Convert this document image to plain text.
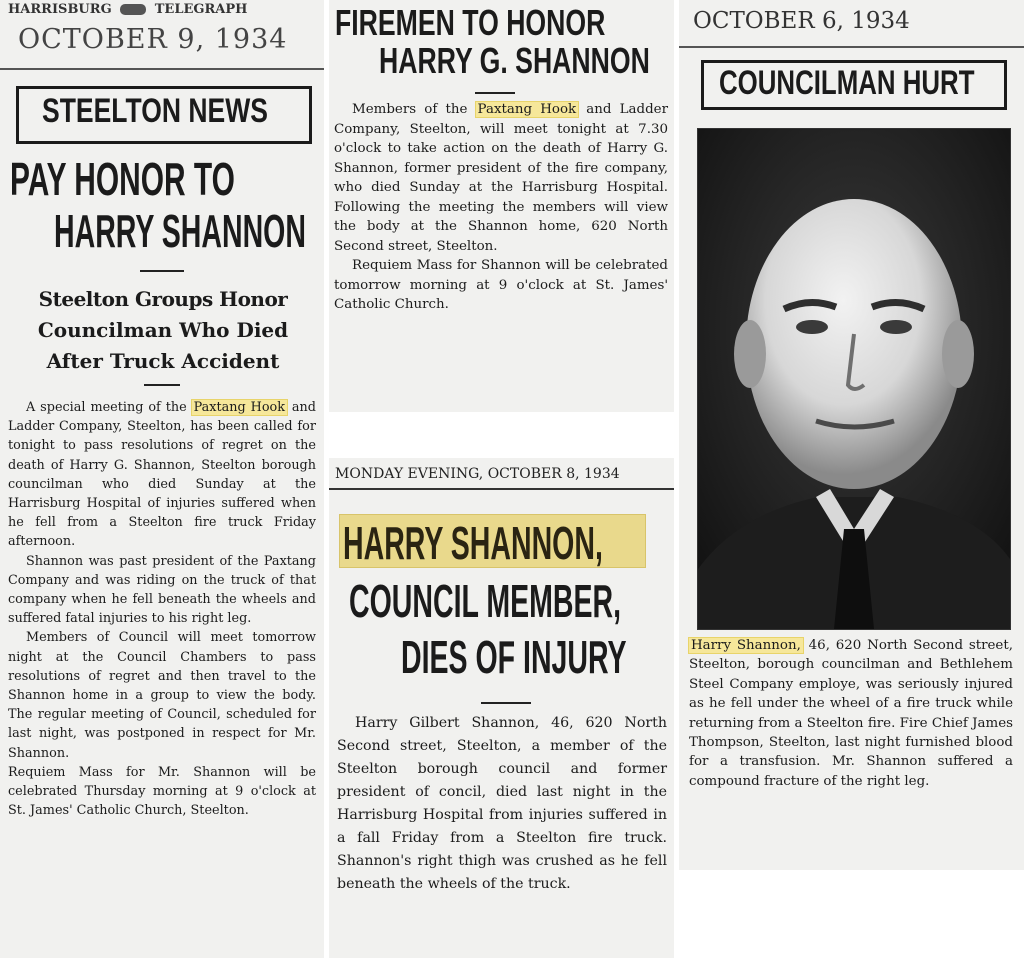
HARRISBURG	TELEGRAPH
OCTOBER 9, 1934
STEELTON NEWS
PAY HONOR TO
HARRY SHANNON
Steelton Groups Honor
Councilman Who Died
After Truck Accident

A special meeting of the Paxtang Hook and Ladder Company, Steelton, has been called for tonight to pass resolutions of regret on the death of Harry G. Shannon, Steelton borough councilman who died Sunday at the Harrisburg Hospital of injuries suffered when he fell from a Steelton fire truck Friday afternoon.

Shannon was past president of the Paxtang Company and was riding on the truck of that company when he fell beneath the wheels and suffered fatal injuries to his right leg.

Members of Council will meet tomorrow night at the Council Chambers to pass resolutions of regret and then travel to the Shannon home in a group to view the body. The regular meeting of Council, scheduled for last night, was postponed in respect for Mr. Shannon.

Requiem Mass for Mr. Shannon will be celebrated Thursday morning at 9 o'clock at St. James' Catholic Church, Steelton.

FIREMEN TO HONOR
HARRY G. SHANNON

Members of the Paxtang Hook and Ladder Company, Steelton, will meet tonight at 7.30 o'clock to take action on the death of Harry G. Shannon, former president of the fire company, who died Sunday at the Harrisburg Hospital. Following the meeting the members will view the body at the Shannon home, 620 North Second street, Steelton.

Requiem Mass for Shannon will be celebrated tomorrow morning at 9 o'clock at St. James' Catholic Church.

MONDAY EVENING, OCTOBER 8, 1934
HARRY SHANNON,
COUNCIL MEMBER,
DIES OF INJURY

Harry Gilbert Shannon, 46, 620 North Second street, Steelton, a member of the Steelton borough council and former president of concil, died last night in the Harrisburg Hospital from injuries suffered in a fall Friday from a Steelton fire truck. Shannon's right thigh was crushed as he fell beneath the wheels of the truck.

OCTOBER 6, 1934
COUNCILMAN HURT

Harry Shannon, 46, 620 North Second street, Steelton, borough councilman and Bethlehem Steel Company employe, was seriously injured as he fell under the wheel of a fire truck while returning from a Steelton fire. Fire Chief James Thompson, Steelton, last night furnished blood for a transfusion. Mr. Shannon suffered a compound fracture of the right leg.
